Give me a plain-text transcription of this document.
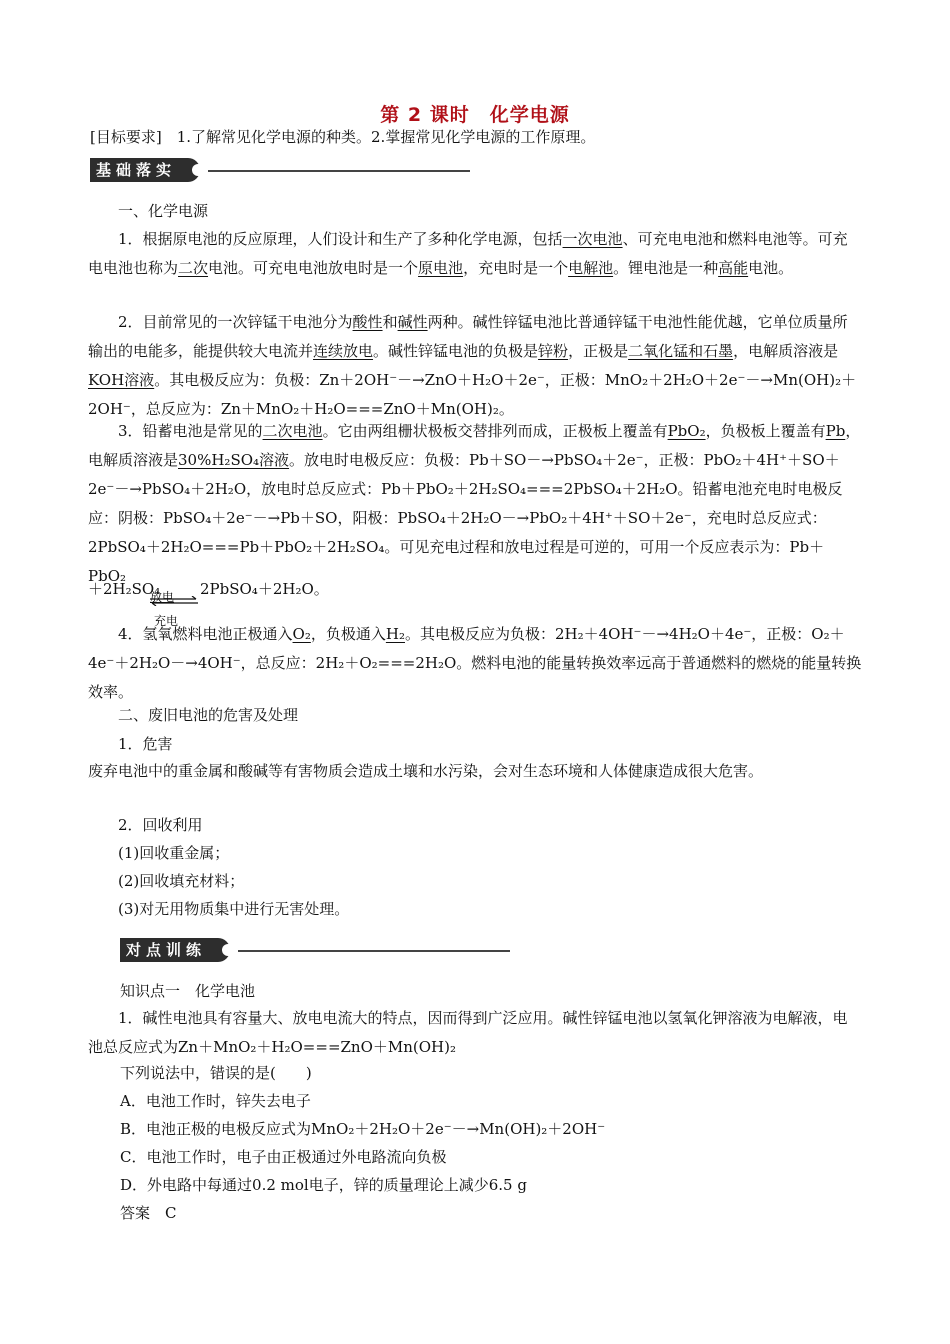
第 2 课时　化学电源
[目标要求]　1.了解常见化学电源的种类。2.掌握常见化学电源的工作原理。
基础落实

一、化学电源

1．根据原电池的反应原理，人们设计和生产了多种化学电源，包括一次电池、可充电电池和燃料电池等。可充电电池也称为二次电池。可充电电池放电时是一个原电池，充电时是一个电解池。锂电池是一种高能电池。

2．目前常见的一次锌锰干电池分为酸性和碱性两种。碱性锌锰电池比普通锌锰干电池性能优越，它单位质量所输出的电能多，能提供较大电流并连续放电。碱性锌锰电池的负极是锌粉，正极是二氧化锰和石墨，电解质溶液是KOH溶液。其电极反应为：负极：Zn＋2OH⁻－→ZnO＋H₂O＋2e⁻，正极：MnO₂＋2H₂O＋2e⁻－→Mn(OH)₂＋2OH⁻，总反应为：Zn＋MnO₂＋H₂O===ZnO＋Mn(OH)₂。

3．铅蓄电池是常见的二次电池。它由两组栅状极板交替排列而成，正极板上覆盖有PbO₂，负极板上覆盖有Pb，电解质溶液是30%H₂SO₄溶液。放电时电极反应：负极：Pb＋SO－→PbSO₄＋2e⁻，正极：PbO₂＋4H⁺＋SO＋2e⁻－→PbSO₄＋2H₂O，放电时总反应式：Pb＋PbO₂＋2H₂SO₄===2PbSO₄＋2H₂O。铅蓄电池充电时电极反应：阴极：PbSO₄＋2e⁻－→Pb＋SO，阳极：PbSO₄＋2H₂O－→PbO₂＋4H⁺＋SO＋2e⁻，充电时总反应式：2PbSO₄＋2H₂O===Pb＋PbO₂＋2H₂SO₄。可见充电过程和放电过程是可逆的，可用一个反应表示为：Pb＋PbO₂

＋2H₂SO₄
放电
充电
2PbSO₄＋2H₂O。

4．氢氧燃料电池正极通入O₂，负极通入H₂。其电极反应为负极：2H₂＋4OH⁻－→4H₂O＋4e⁻，正极：O₂＋4e⁻＋2H₂O－→4OH⁻，总反应：2H₂＋O₂===2H₂O。燃料电池的能量转换效率远高于普通燃料的燃烧的能量转换效率。

二、废旧电池的危害及处理

1．危害

废弃电池中的重金属和酸碱等有害物质会造成土壤和水污染，会对生态环境和人体健康造成很大危害。

2．回收利用

(1)回收重金属；

(2)回收填充材料；

(3)对无用物质集中进行无害处理。

对点训练

知识点一　化学电池

1．碱性电池具有容量大、放电电流大的特点，因而得到广泛应用。碱性锌锰电池以氢氧化钾溶液为电解液，电池总反应式为Zn＋MnO₂＋H₂O===ZnO＋Mn(OH)₂

下列说法中，错误的是(　　)

A．电池工作时，锌失去电子

B．电池正极的电极反应式为MnO₂＋2H₂O＋2e⁻－→Mn(OH)₂＋2OH⁻

C．电池工作时，电子由正极通过外电路流向负极

D．外电路中每通过0.2 mol电子，锌的质量理论上减少6.5 g

答案　C
